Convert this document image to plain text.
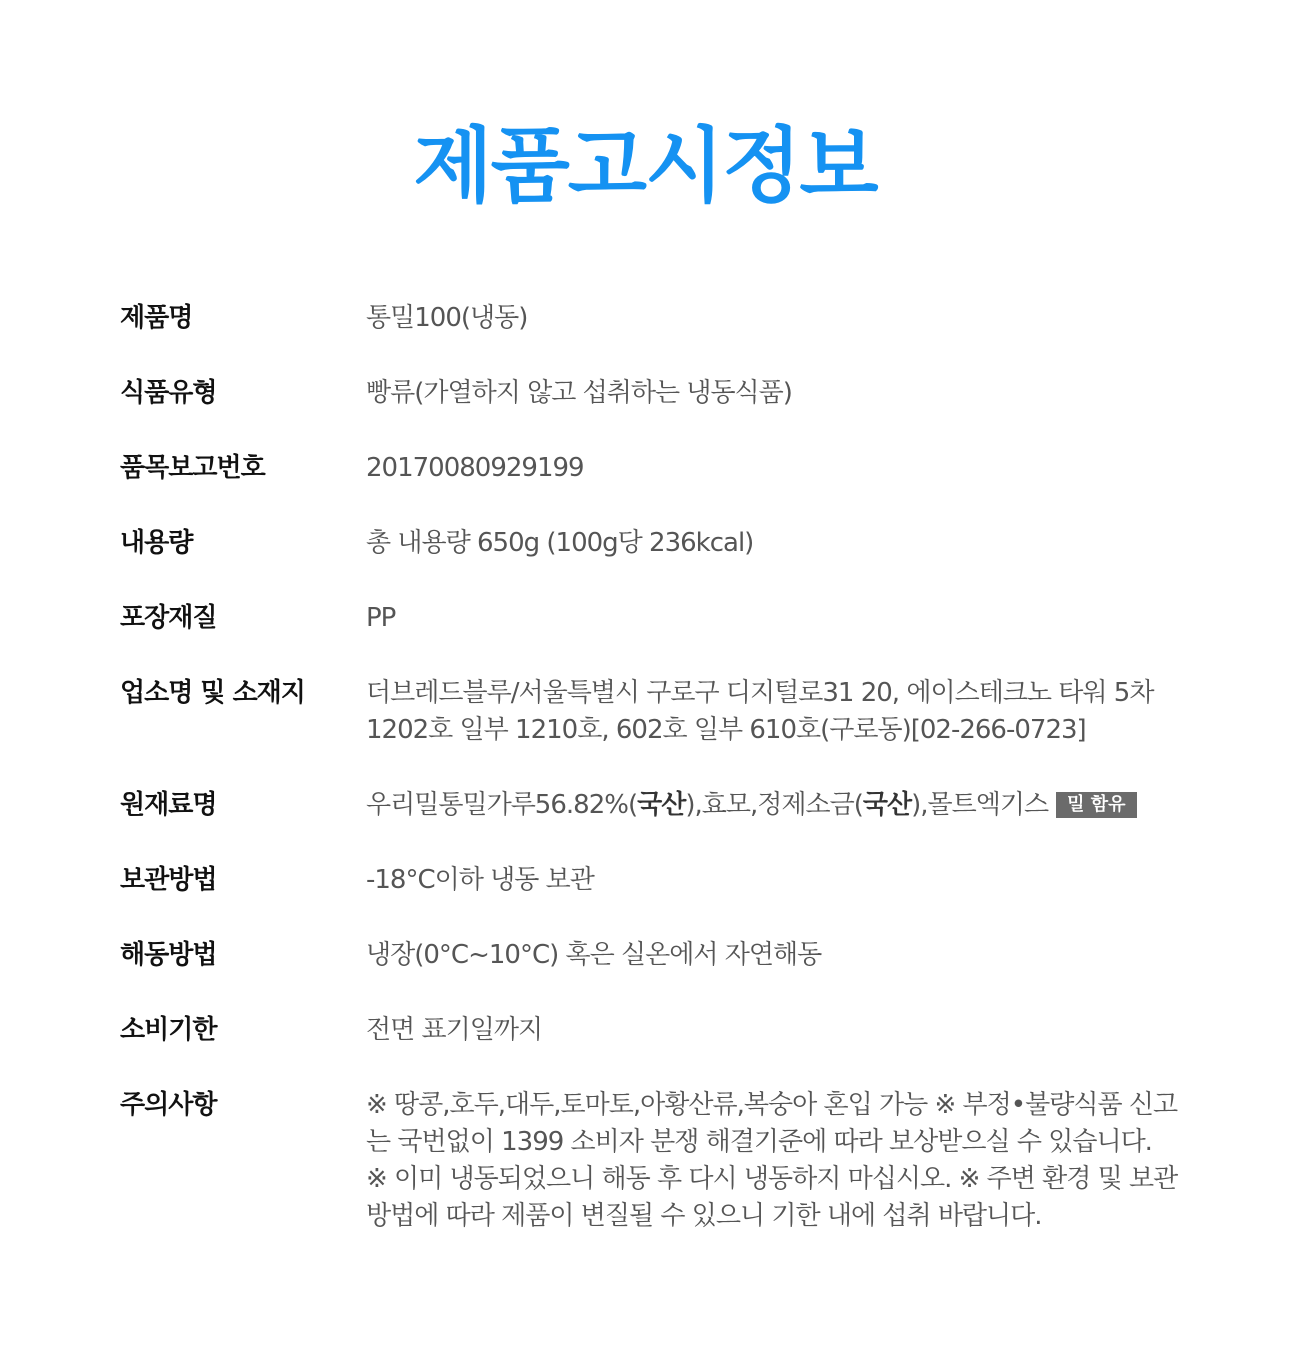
제품고시정보
제품명	통밀100(냉동)
식품유형	빵류(가열하지 않고 섭취하는 냉동식품)
품목보고번호	20170080929199
내용량	총 내용량 650g (100g당 236kcal)
포장재질	PP
업소명 및 소재지	더브레드블루/서울특별시 구로구 디지털로31 20, 에이스테크노 타워 5차
1202호 일부 1210호, 602호 일부 610호(구로동)[02-266-0723]
원재료명	우리밀통밀가루56.82%(국산),효모,정제소금(국산),몰트엑기스 밀 함유
보관방법	-18°C이하 냉동 보관
해동방법	냉장(0°C~10°C) 혹은 실온에서 자연해동
소비기한	전면 표기일까지
주의사항	※ 땅콩,호두,대두,토마토,아황산류,복숭아 혼입 가능 ※ 부정•불량식품 신고
는 국번없이 1399 소비자 분쟁 해결기준에 따라 보상받으실 수 있습니다.
※ 이미 냉동되었으니 해동 후 다시 냉동하지 마십시오. ※ 주변 환경 및 보관
방법에 따라 제품이 변질될 수 있으니 기한 내에 섭취 바랍니다.
